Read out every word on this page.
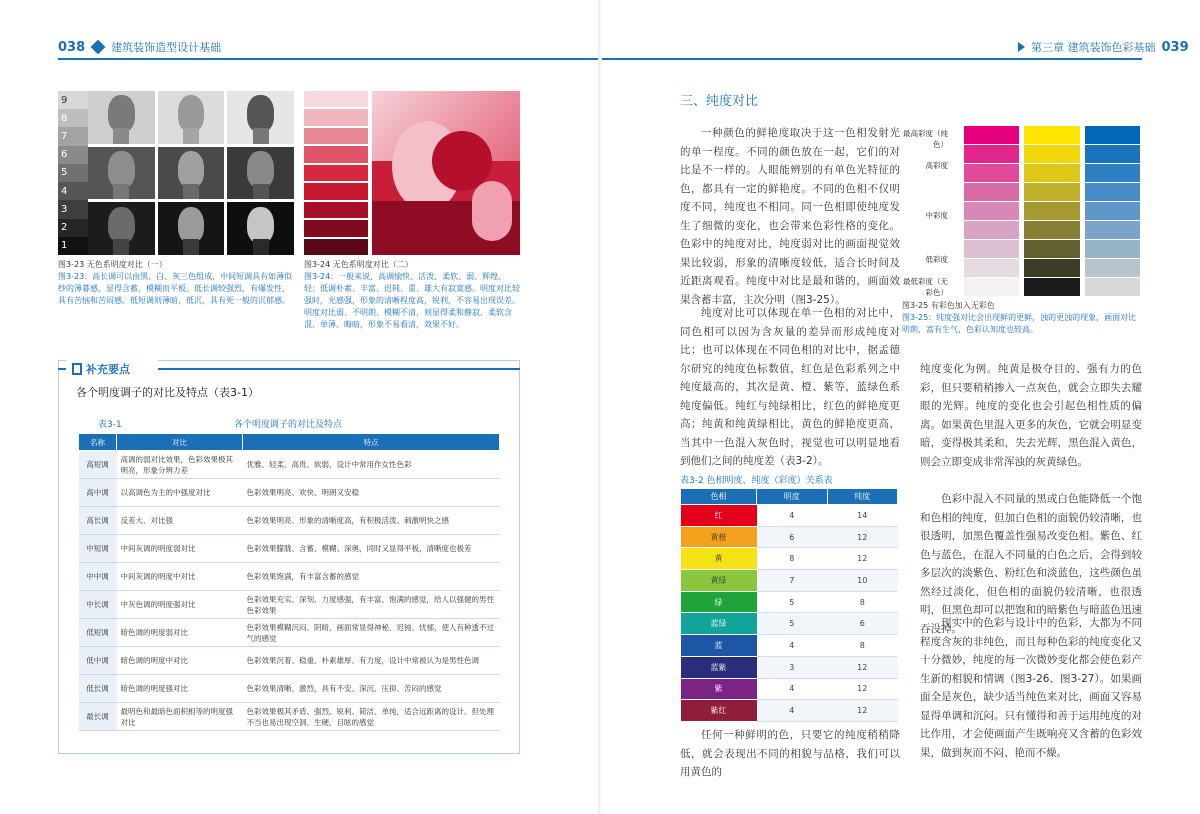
038 建筑装饰造型设计基础
9
8
7
6
5
4
3
2
1
图3-23 无色系明度对比（一）
图3-23：高长调可以由黑、白、灰三色组成，中间短调具有如薄似纱的薄暮感，显得含蓄，模糊而平板。低长调较强烈，有爆发性，具有苦恼和苦闷感。低短调则薄暗，低沉，具有死一般的沉郁感。
图3-24 无色系明度对比（二）
图3-24：一般来说，高调愉快、活泼、柔软、弱、辉煌、轻；低调朴素、丰富、迟钝、重、雄大有寂寞感。明度对比较强时，光感强，形象的清晰程度高，锐利，不容易出现误差。明度对比弱、不明朗、模糊不清，则显得柔和静寂、柔软含混、单薄、晦暗，形象不易看清，效果不好。
补充要点
各个明度调子的对比及特点（表3-1）
表3-1	各个明度调子的对比及特点
名称	对比	特点
高短调	高调的弱对比效果，色彩效果极其明亮，形象分辨力差	优雅、轻柔、高贵、软弱，设计中常用作女性色彩
高中调	以高调色为主的中强度对比	色彩效果明亮、欢快、明朗又安稳
高长调	反差大、对比强	色彩效果明亮、形象的清晰度高，有积极活泼、刺激明快之感
中短调	中间灰调的明度弱对比	色彩效果朦胧、含蓄、模糊、深奥，同时又显得平板，清晰度也极差
中中调	中间灰调的明度中对比	色彩效果饱满，有丰富含蓄的感觉
中长调	中灰色调的明度强对比	色彩效果充实、深刻、力度感强，有丰富、饱满的感觉，给人以强健的男性色彩效果
低短调	暗色调的明度弱对比	色彩效果模糊沉闷、阴暗，画面常显得神秘、迟钝、忧郁，使人有种透不过气的感觉
低中调	暗色调的明度中对比	色彩效果沉着、稳重、朴素雄厚、有力度，设计中常被认为是男性色调
低长调	暗色调的明度强对比	色彩效果清晰、激烈，具有不安、深沉、压抑、苦闷的感觉
最长调	最明色和最暗色面积相等的明度强对比	色彩效果极其矛盾、强烈、锐利、简洁、单纯，适合远距离的设计。但处理不当也易出现空洞、生硬、目眩的感觉
第三章 建筑装饰色彩基础 039
三、纯度对比
一种颜色的鲜艳度取决于这一色相发射光的单一程度。不同的颜色放在一起，它们的对比是不一样的。人眼能辨别的有单色光特征的色，都具有一定的鲜艳度。不同的色相不仅明度不同，纯度也不相同。同一色相即使纯度发生了细微的变化，也会带来色彩性格的变化。色彩中的纯度对比，纯度弱对比的画面视觉效果比较弱，形象的清晰度较低，适合长时间及近距离观看。纯度中对比是最和谐的，画面效果含蓄丰富，主次分明（图3-25）。
纯度对比可以体现在单一色相的对比中，同色相可以因为含灰量的差异而形成纯度对比；也可以体现在不同色相的对比中，据孟德尔研究的纯度色标数值，红色是色彩系列之中纯度最高的，其次是黄、橙、紫等，蓝绿色系纯度偏低。纯红与纯绿相比，红色的鲜艳度更高；纯黄和纯黄绿相比，黄色的鲜艳度更高，当其中一色混入灰色时，视觉也可以明显地看到他们之间的纯度差（表3-2）。
任何一种鲜明的色，只要它的纯度稍稍降低，就会表现出不同的相貌与品格，我们可以用黄色的
纯度变化为例。纯黄是极夺目的、强有力的色彩，但只要稍稍掺入一点灰色，就会立即失去耀眼的光辉。纯度的变化也会引起色相性质的偏离。如果黄色里混入更多的灰色，它就会明显变暗，变得极其柔和，失去光辉，黑色混入黄色，则会立即变成非常浑浊的灰黄绿色。
色彩中混入不同量的黑或白色能降低一个饱和色相的纯度，但加白色相的面貌仍较清晰，也很透明，加黑色覆盖性强易改变色相。紫色、红色与蓝色，在混入不同量的白色之后，会得到较多层次的淡紫色、粉红色和淡蓝色，这些颜色虽然经过淡化，但色相的面貌仍较清晰，也很透明，但黑色却可以把饱和的暗紫色与暗蓝色迅速吞没掉。
现实中的色彩与设计中的色彩，大都为不同程度含灰的非纯色，而且每种色彩的纯度变化又十分微妙，纯度的每一次微妙变化都会使色彩产生新的相貌和情调（图3-26、图3-27）。如果画面全是灰色，缺少适当纯色来对比，画面又容易显得单调和沉闷。只有懂得和善于运用纯度的对比作用，才会使画面产生既响亮又含蓄的色彩效果，做到灰而不闷、艳而不燥。
最高彩度（纯色）
高彩度
中彩度
低彩度
最低彩度（无彩色）
图3-25 有彩色加入无彩色
图3-25：纯度强对比会出现鲜的更鲜，浊的更浊的现象，画面对比明朗，富有生气，色彩认知度也较高。
表3-2 色相明度、纯度（彩度）关系表
色相	明度	纯度
红	4	14
黄橙	6	12
黄	8	12
黄绿	7	10
绿	5	8
蓝绿	5	6
蓝	4	8
蓝紫	3	12
紫	4	12
紫红	4	12
